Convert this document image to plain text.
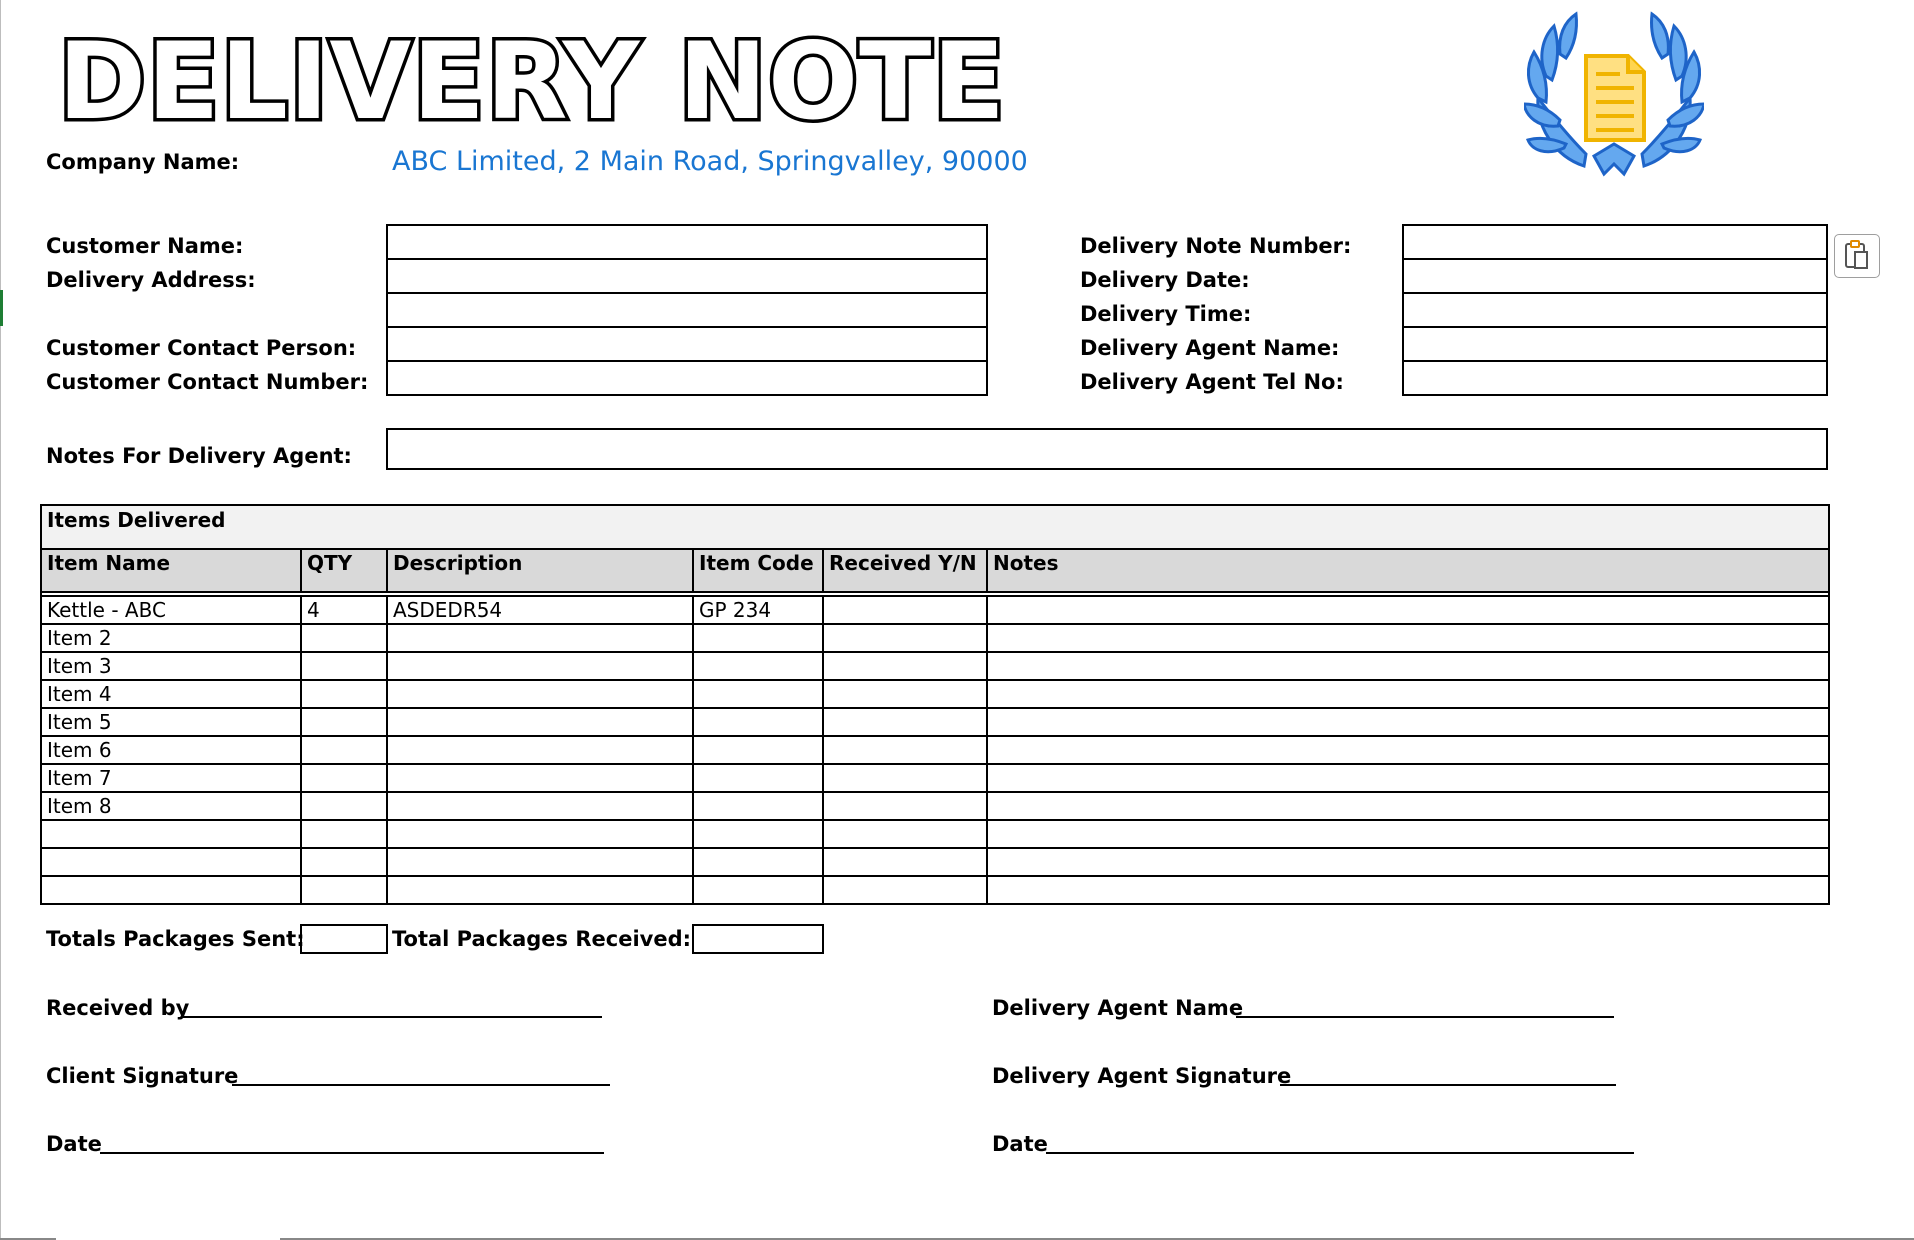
DELIVERY NOTE
Company Name:	ABC Limited, 2 Main Road, Springvalley, 90000
Customer Name:
Delivery Address:
Customer Contact Person:
Customer Contact Number:
Delivery Note Number:
Delivery Date:
Delivery Time:
Delivery Agent Name:
Delivery Agent Tel No:
Notes For Delivery Agent:
Items Delivered					
Item Name	QTY	Description	Item Code	Received Y/N	Notes

Kettle - ABC	4	ASDEDR54	GP 234		
Item 2					
Item 3					
Item 4					
Item 5					
Item 6					
Item 7					
Item 8					

Totals Packages Sent:	Total Packages Received:
Received by
Client Signature
Date
Delivery Agent Name
Delivery Agent Signature
Date
